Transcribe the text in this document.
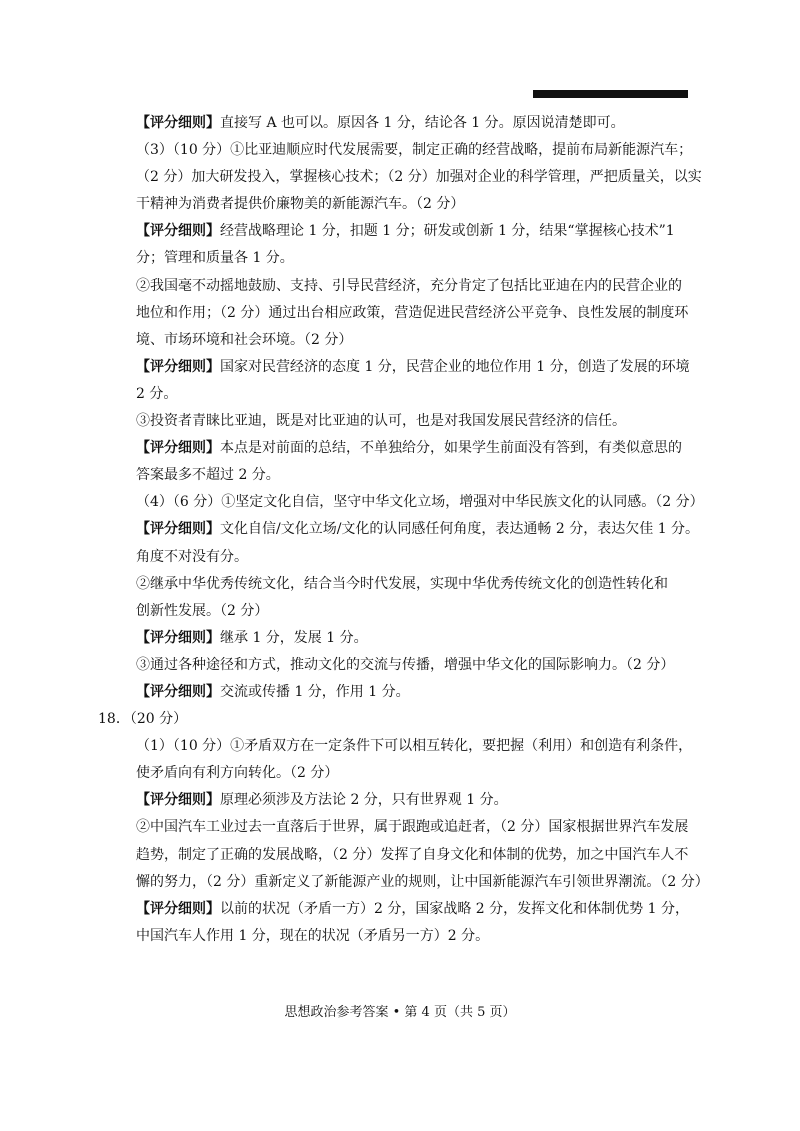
【评分细则】直接写 A 也可以。原因各 1 分，结论各 1 分。原因说清楚即可。
（3）（10 分）①比亚迪顺应时代发展需要，制定正确的经营战略，提前布局新能源汽车；
（2 分）加大研发投入，掌握核心技术；（2 分）加强对企业的科学管理，严把质量关，以实
干精神为消费者提供价廉物美的新能源汽车。（2 分）
【评分细则】经营战略理论 1 分，扣题 1 分；研发或创新 1 分，结果“掌握核心技术”1
分；管理和质量各 1 分。
②我国毫不动摇地鼓励、支持、引导民营经济，充分肯定了包括比亚迪在内的民营企业的
地位和作用；（2 分）通过出台相应政策，营造促进民营经济公平竞争、良性发展的制度环
境、市场环境和社会环境。（2 分）
【评分细则】国家对民营经济的态度 1 分，民营企业的地位作用 1 分，创造了发展的环境
2 分。
③投资者青睐比亚迪，既是对比亚迪的认可，也是对我国发展民营经济的信任。
【评分细则】本点是对前面的总结，不单独给分，如果学生前面没有答到，有类似意思的
答案最多不超过 2 分。
（4）（6 分）①坚定文化自信，坚守中华文化立场，增强对中华民族文化的认同感。（2 分）
【评分细则】文化自信/文化立场/文化的认同感任何角度，表达通畅 2 分，表达欠佳 1 分。
角度不对没有分。
②继承中华优秀传统文化，结合当今时代发展，实现中华优秀传统文化的创造性转化和
创新性发展。（2 分）
【评分细则】继承 1 分，发展 1 分。
③通过各种途径和方式，推动文化的交流与传播，增强中华文化的国际影响力。（2 分）
【评分细则】交流或传播 1 分，作用 1 分。
18．（20 分）
（1）（10 分）①矛盾双方在一定条件下可以相互转化，要把握（利用）和创造有利条件，
使矛盾向有利方向转化。（2 分）
【评分细则】原理必须涉及方法论 2 分，只有世界观 1 分。
②中国汽车工业过去一直落后于世界，属于跟跑或追赶者，（2 分）国家根据世界汽车发展
趋势，制定了正确的发展战略，（2 分）发挥了自身文化和体制的优势，加之中国汽车人不
懈的努力，（2 分）重新定义了新能源产业的规则，让中国新能源汽车引领世界潮流。（2 分）
【评分细则】以前的状况（矛盾一方）2 分，国家战略 2 分，发挥文化和体制优势 1 分，
中国汽车人作用 1 分，现在的状况（矛盾另一方）2 分。
思想政治参考答案 • 第 4 页（共 5 页）
